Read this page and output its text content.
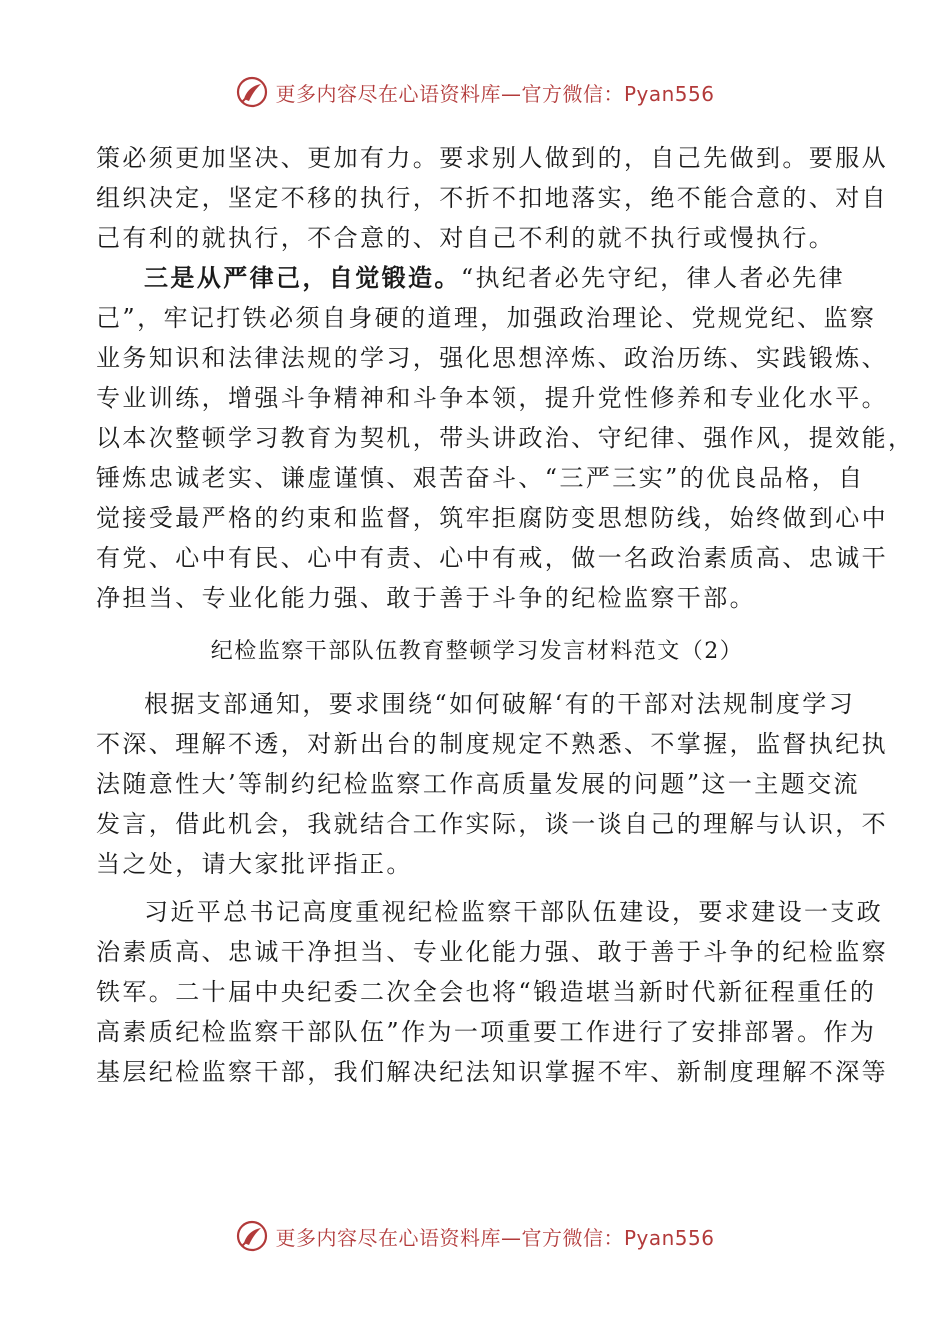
更多内容尽在心语资料库—官方微信：Pyan556
策必须更加坚决、更加有力。要求别人做到的，自己先做到。要服从
组织决定，坚定不移的执行，不折不扣地落实，绝不能合意的、对自
己有利的就执行，不合意的、对自己不利的就不执行或慢执行。
三是从严律己，自觉锻造。“执纪者必先守纪，律人者必先律
己”，牢记打铁必须自身硬的道理，加强政治理论、党规党纪、监察
业务知识和法律法规的学习，强化思想淬炼、政治历练、实践锻炼、
专业训练，增强斗争精神和斗争本领，提升党性修养和专业化水平。
以本次整顿学习教育为契机，带头讲政治、守纪律、强作风，提效能，
锤炼忠诚老实、谦虚谨慎、艰苦奋斗、“三严三实”的优良品格，自
觉接受最严格的约束和监督，筑牢拒腐防变思想防线，始终做到心中
有党、心中有民、心中有责、心中有戒，做一名政治素质高、忠诚干
净担当、专业化能力强、敢于善于斗争的纪检监察干部。
纪检监察干部队伍教育整顿学习发言材料范文（2）
根据支部通知，要求围绕“如何破解‘有的干部对法规制度学习
不深、理解不透，对新出台的制度规定不熟悉、不掌握，监督执纪执
法随意性大’等制约纪检监察工作高质量发展的问题”这一主题交流
发言，借此机会，我就结合工作实际，谈一谈自己的理解与认识，不
当之处，请大家批评指正。
习近平总书记高度重视纪检监察干部队伍建设，要求建设一支政
治素质高、忠诚干净担当、专业化能力强、敢于善于斗争的纪检监察
铁军。二十届中央纪委二次全会也将“锻造堪当新时代新征程重任的
高素质纪检监察干部队伍”作为一项重要工作进行了安排部署。作为
基层纪检监察干部，我们解决纪法知识掌握不牢、新制度理解不深等
更多内容尽在心语资料库—官方微信：Pyan556
